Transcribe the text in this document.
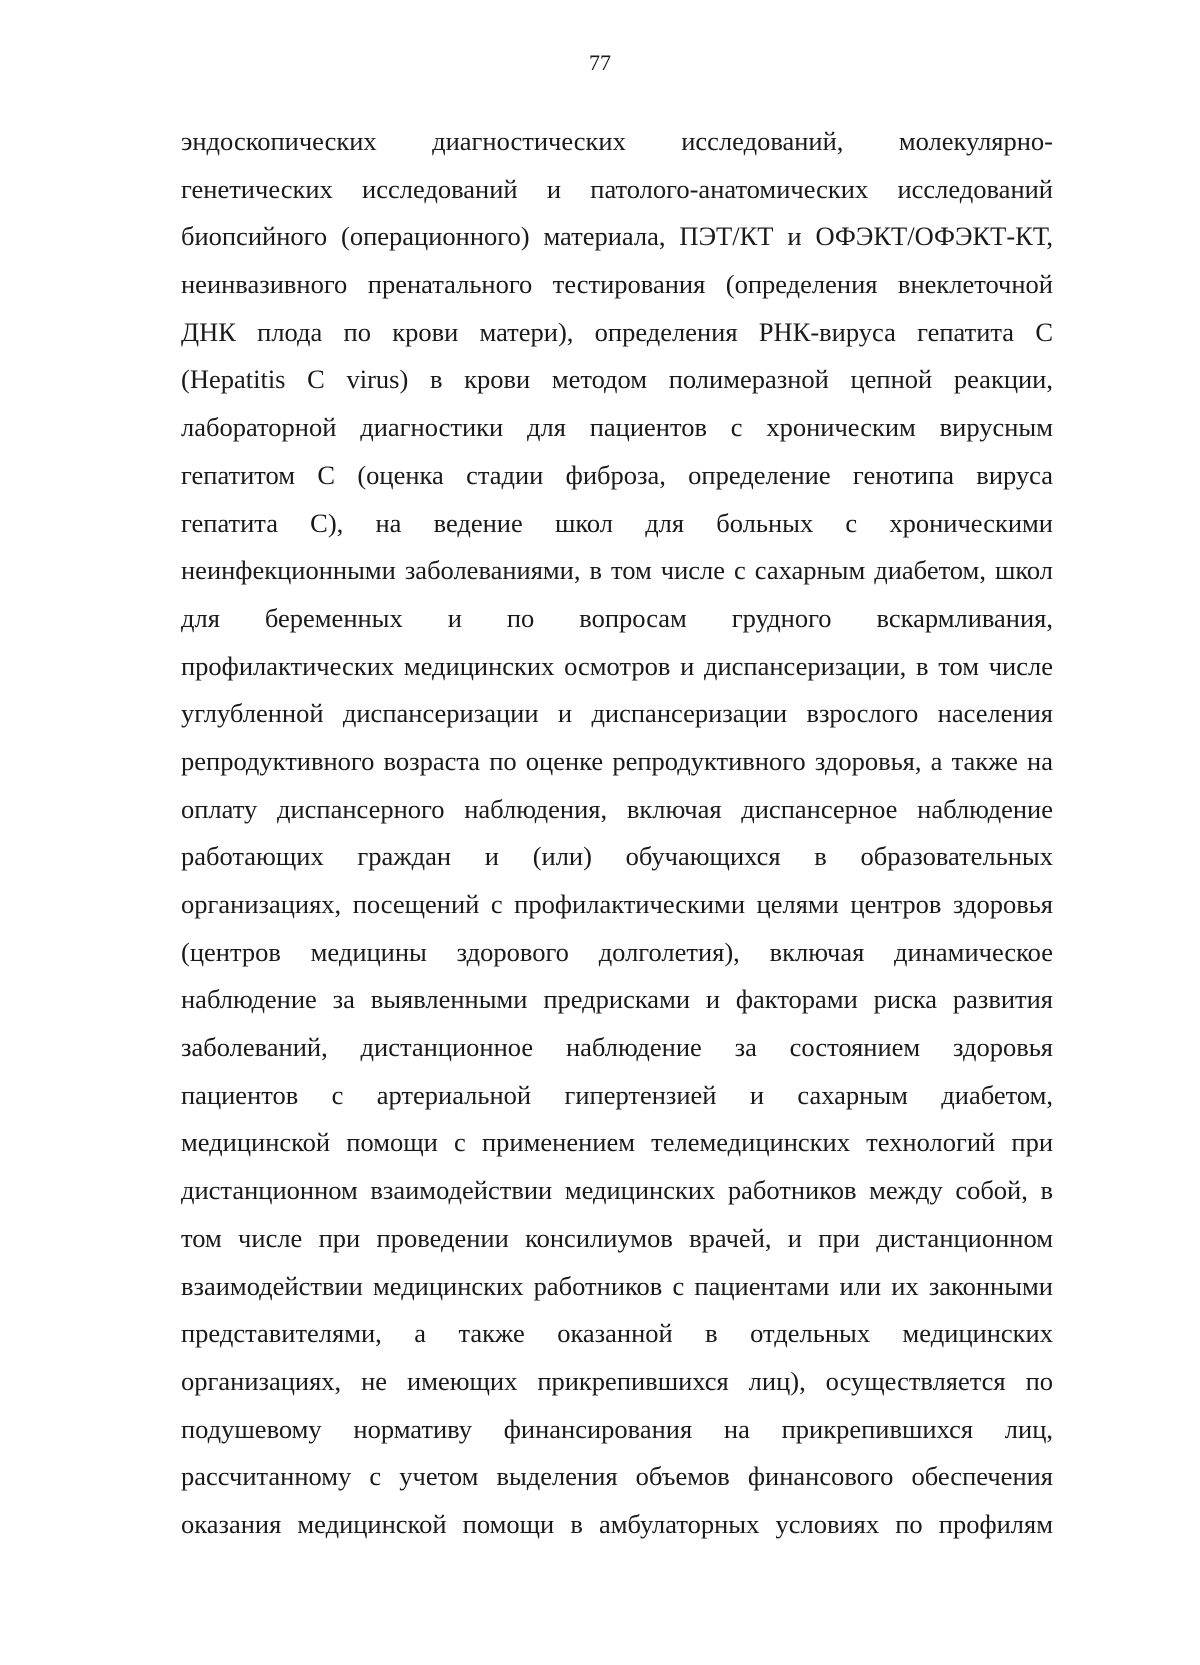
77
эндоскопических диагностических исследований, молекулярно-
генетических исследований и патолого-анатомических исследований
биопсийного (операционного) материала, ПЭТ/КТ и ОФЭКТ/ОФЭКТ-КТ,
неинвазивного пренатального тестирования (определения внеклеточной
ДНК плода по крови матери), определения РНК-вируса гепатита С
(Hepatitis C virus) в крови методом полимеразной цепной реакции,
лабораторной диагностики для пациентов с хроническим вирусным
гепатитом С (оценка стадии фиброза, определение генотипа вируса
гепатита С), на ведение школ для больных с хроническими
неинфекционными заболеваниями, в том числе с сахарным диабетом, школ
для беременных и по вопросам грудного вскармливания,
профилактических медицинских осмотров и диспансеризации, в том числе
углубленной диспансеризации и диспансеризации взрослого населения
репродуктивного возраста по оценке репродуктивного здоровья, а также на
оплату диспансерного наблюдения, включая диспансерное наблюдение
работающих граждан и (или) обучающихся в образовательных
организациях, посещений с профилактическими целями центров здоровья
(центров медицины здорового долголетия), включая динамическое
наблюдение за выявленными предрисками и факторами риска развития
заболеваний, дистанционное наблюдение за состоянием здоровья
пациентов с артериальной гипертензией и сахарным диабетом,
медицинской помощи с применением телемедицинских технологий при
дистанционном взаимодействии медицинских работников между собой, в
том числе при проведении консилиумов врачей, и при дистанционном
взаимодействии медицинских работников с пациентами или их законными
представителями, а также оказанной в отдельных медицинских
организациях, не имеющих прикрепившихся лиц), осуществляется по
подушевому нормативу финансирования на прикрепившихся лиц,
рассчитанному с учетом выделения объемов финансового обеспечения
оказания медицинской помощи в амбулаторных условиях по профилям
